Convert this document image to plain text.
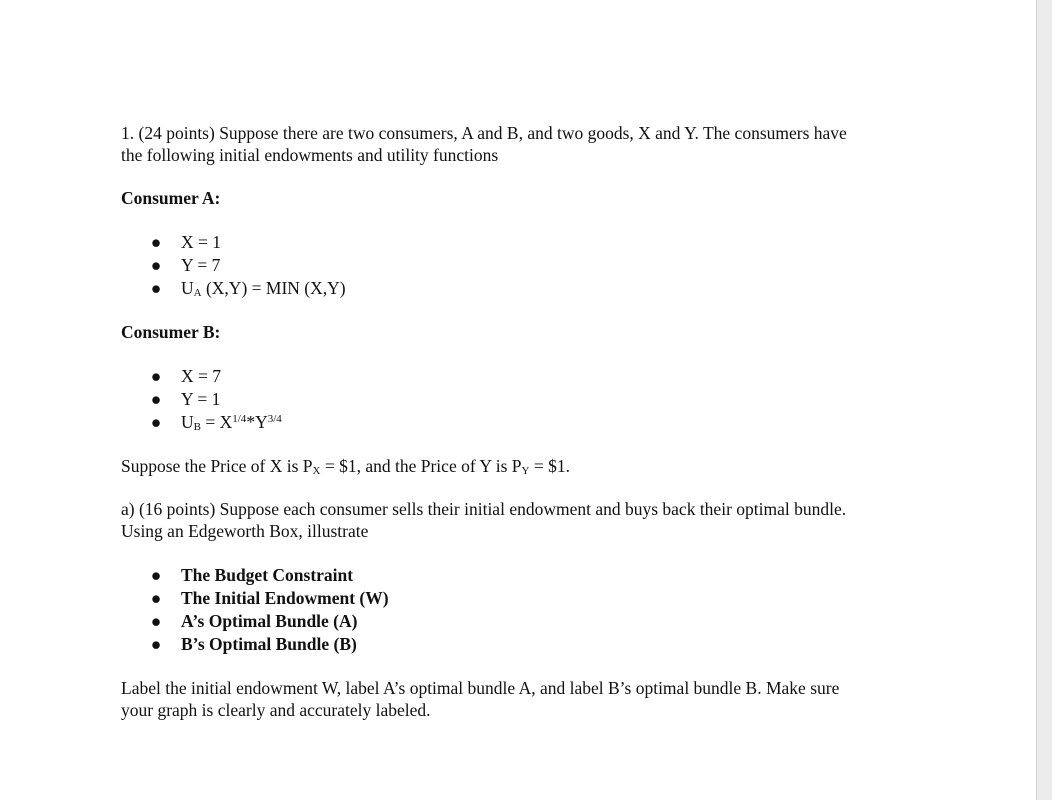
1. (24 points) Suppose there are two consumers, A and B, and two goods, X and Y. The consumers have
the following initial endowments and utility functions
Consumer A:
● X = 1
● Y = 7
● $U_A$ (X,Y) = MIN (X,Y)
Consumer B:
● X = 7
● Y = 1
● $U_B = X^{1/4}*Y^{3/4}$
Suppose the Price of X is $P_X$ = $1, and the Price of Y is $P_Y$ = $1.
a) (16 points) Suppose each consumer sells their initial endowment and buys back their optimal bundle.
Using an Edgeworth Box, illustrate
● The Budget Constraint
● The Initial Endowment (W)
● A’s Optimal Bundle (A)
● B’s Optimal Bundle (B)
Label the initial endowment W, label A’s optimal bundle A, and label B’s optimal bundle B. Make sure
your graph is clearly and accurately labeled.
